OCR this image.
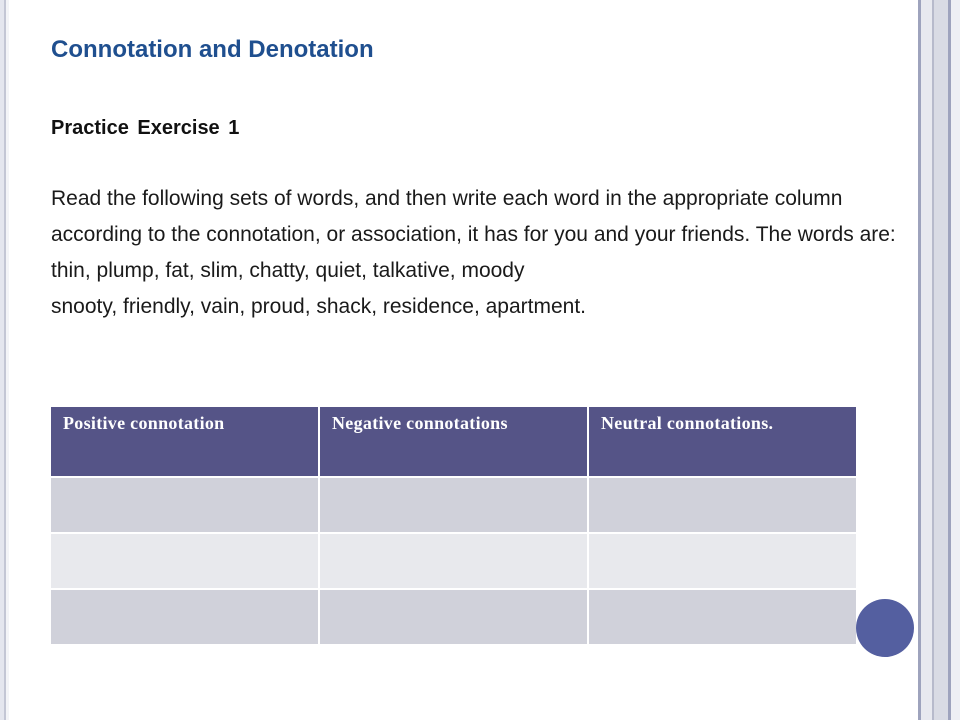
Connotation and Denotation
Practice Exercise 1

Read the following sets of words, and then write each word in the appropriate column according to the connotation, or association, it has for you and your friends. The words are: thin, plump, fat, slim, chatty, quiet, talkative, moody

snooty, friendly, vain, proud, shack, residence, apartment.

Positive connotation	Negative connotations	Neutral connotations.
